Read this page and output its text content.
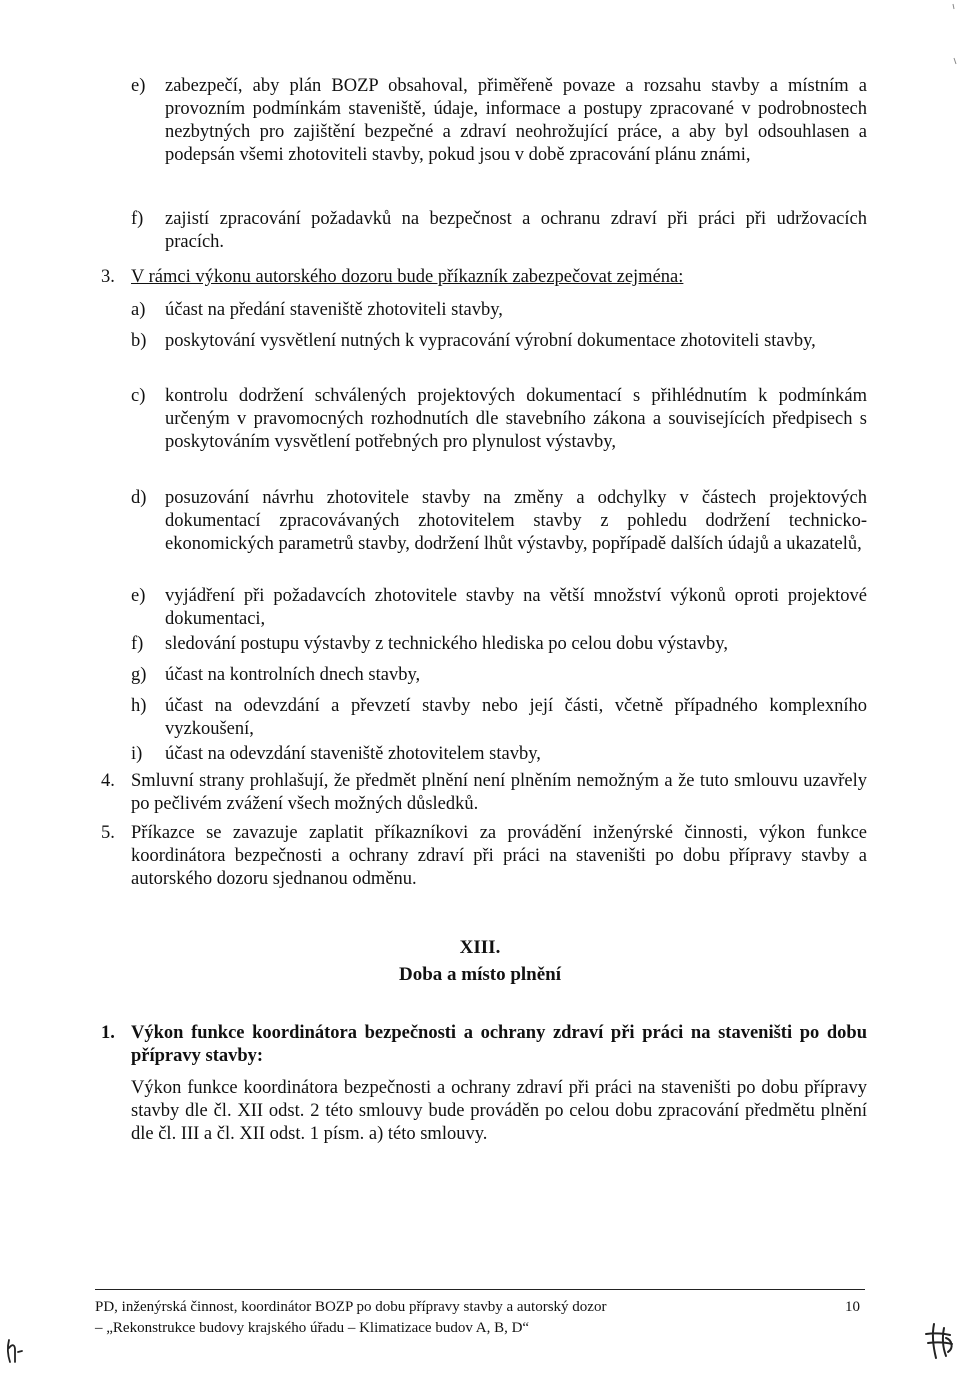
e) zabezpečí, aby plán BOZP obsahoval, přiměřeně povaze a rozsahu stavby a místním a provozním podmínkám staveniště, údaje, informace a postupy zpracované v podrobnostech nezbytných pro zajištění bezpečné a zdraví neohrožující práce, a aby byl odsouhlasen a podepsán všemi zhotoviteli stavby, pokud jsou v době zpracování plánu známi,
f) zajistí zpracování požadavků na bezpečnost a ochranu zdraví při práci při udržovacích pracích.
3. V rámci výkonu autorského dozoru bude příkazník zabezpečovat zejména:
a) účast na předání staveniště zhotoviteli stavby,
b) poskytování vysvětlení nutných k vypracování výrobní dokumentace zhotoviteli stavby,
c) kontrolu dodržení schválených projektových dokumentací s přihlédnutím k podmínkám určeným v pravomocných rozhodnutích dle stavebního zákona a souvisejících předpisech s poskytováním vysvětlení potřebných pro plynulost výstavby,
d) posuzování návrhu zhotovitele stavby na změny a odchylky v částech projektových dokumentací zpracovávaných zhotovitelem stavby z pohledu dodržení technicko-ekonomických parametrů stavby, dodržení lhůt výstavby, popřípadě dalších údajů a ukazatelů,
e) vyjádření při požadavcích zhotovitele stavby na větší množství výkonů oproti projektové dokumentaci,
f) sledování postupu výstavby z technického hlediska po celou dobu výstavby,
g) účast na kontrolních dnech stavby,
h) účast na odevzdání a převzetí stavby nebo její části, včetně případného komplexního vyzkoušení,
i) účast na odevzdání staveniště zhotovitelem stavby,
4. Smluvní strany prohlašují, že předmět plnění není plněním nemožným a že tuto smlouvu uzavřely po pečlivém zvážení všech možných důsledků.
5. Příkazce se zavazuje zaplatit příkazníkovi za provádění inženýrské činnosti, výkon funkce koordinátora bezpečnosti a ochrany zdraví při práci na staveništi po dobu přípravy stavby a autorského dozoru sjednanou odměnu.
XIII.
Doba a místo plnění
1. Výkon funkce koordinátora bezpečnosti a ochrany zdraví při práci na staveništi po dobu přípravy stavby:
Výkon funkce koordinátora bezpečnosti a ochrany zdraví při práci na staveništi po dobu přípravy stavby dle čl. XII odst. 2 této smlouvy bude prováděn po celou dobu zpracování předmětu plnění dle čl. III a čl. XII odst. 1 písm. a) této smlouvy.
PD, inženýrská činnost, koordinátor BOZP po dobu přípravy stavby a autorský dozor
– „Rekonstrukce budovy krajského úřadu – Klimatizace budov A, B, D“
10
